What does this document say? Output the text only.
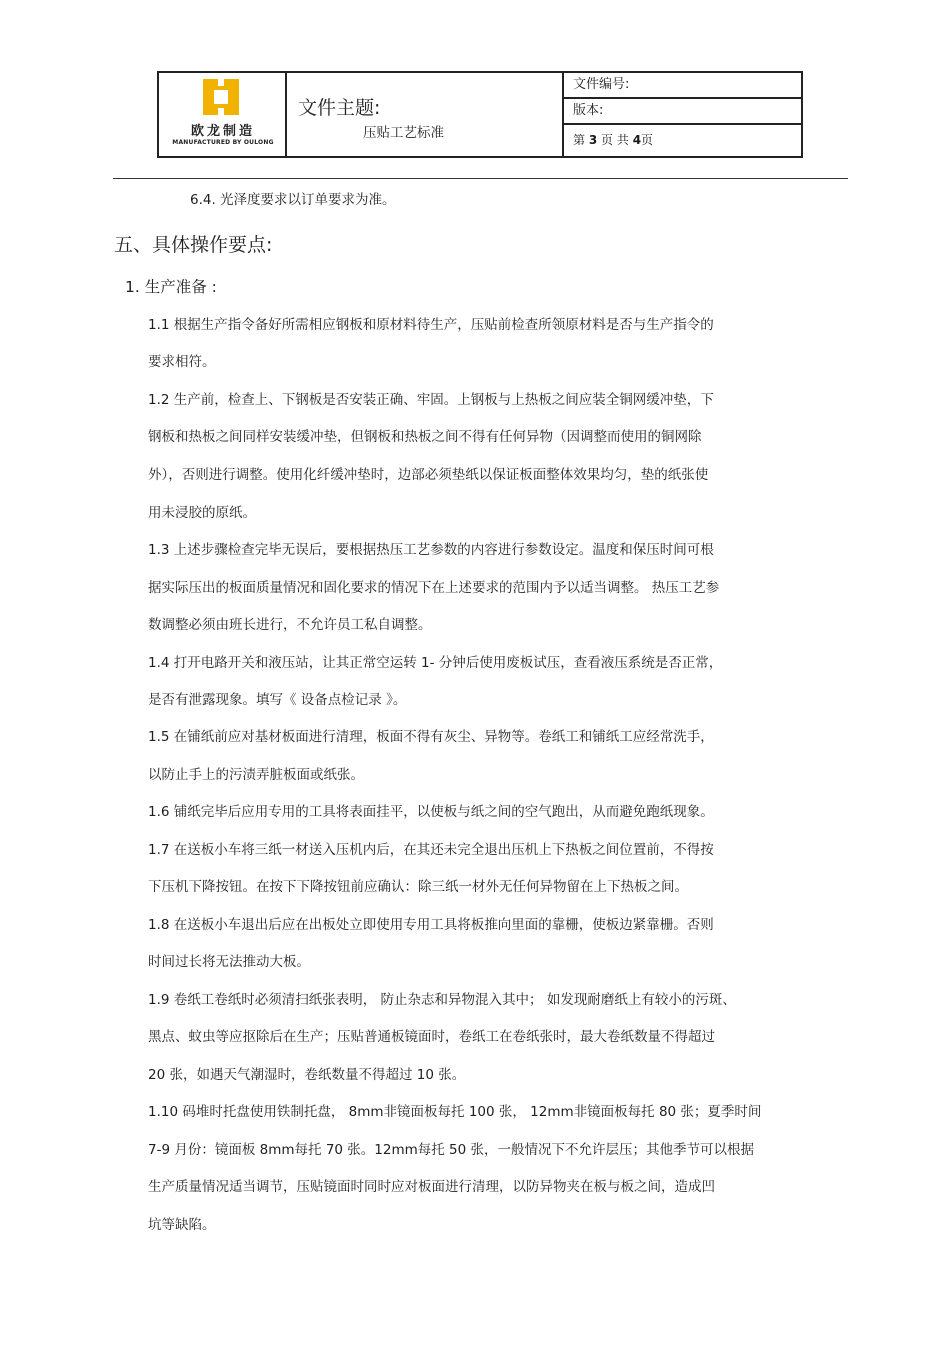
欧龙制造
MANUFACTURED BY OULONG
文件主题:
压贴工艺标准
文件编号:
版本:
第 3 页 共 4页
6.4. 光泽度要求以订单要求为准。
五、具体操作要点:
1. 生产准备 :
1.1 根据生产指令备好所需相应钢板和原材料待生产，压贴前检查所领原材料是否与生产指令的
要求相符。
1.2 生产前，检查上、下钢板是否安装正确、牢固。上钢板与上热板之间应装全铜网缓冲垫，下
钢板和热板之间同样安装缓冲垫，但钢板和热板之间不得有任何异物（因调整而使用的铜网除
外），否则进行调整。使用化纤缓冲垫时，边部必须垫纸以保证板面整体效果均匀，垫的纸张使
用未浸胶的原纸。
1.3 上述步骤检查完毕无误后，要根据热压工艺参数的内容进行参数设定。温度和保压时间可根
据实际压出的板面质量情况和固化要求的情况下在上述要求的范围内予以适当调整。 热压工艺参
数调整必须由班长进行，不允许员工私自调整。
1.4 打开电路开关和液压站，让其正常空运转 1- 分钟后使用废板试压，查看液压系统是否正常，
是否有泄露现象。填写《 设备点检记录 》。
1.5 在铺纸前应对基材板面进行清理，板面不得有灰尘、异物等。卷纸工和铺纸工应经常洗手，
以防止手上的污渍弄脏板面或纸张。
1.6 铺纸完毕后应用专用的工具将表面挂平，以使板与纸之间的空气跑出，从而避免跑纸现象。
1.7 在送板小车将三纸一材送入压机内后，在其还未完全退出压机上下热板之间位置前，不得按
下压机下降按钮。在按下下降按钮前应确认：除三纸一材外无任何异物留在上下热板之间。
1.8 在送板小车退出后应在出板处立即使用专用工具将板推向里面的靠栅，使板边紧靠栅。否则
时间过长将无法推动大板。
1.9 卷纸工卷纸时必须清扫纸张表明， 防止杂志和异物混入其中； 如发现耐磨纸上有较小的污斑、
黑点、蚊虫等应抠除后在生产；压贴普通板镜面时，卷纸工在卷纸张时，最大卷纸数量不得超过
20 张，如遇天气潮湿时，卷纸数量不得超过 10 张。
1.10 码堆时托盘使用铁制托盘， 8mm非镜面板每托 100 张， 12mm非镜面板每托 80 张；夏季时间
7-9 月份：镜面板 8mm每托 70 张。12mm每托 50 张，一般情况下不允许层压；其他季节可以根据
生产质量情况适当调节，压贴镜面时同时应对板面进行清理，以防异物夹在板与板之间，造成凹
坑等缺陷。
